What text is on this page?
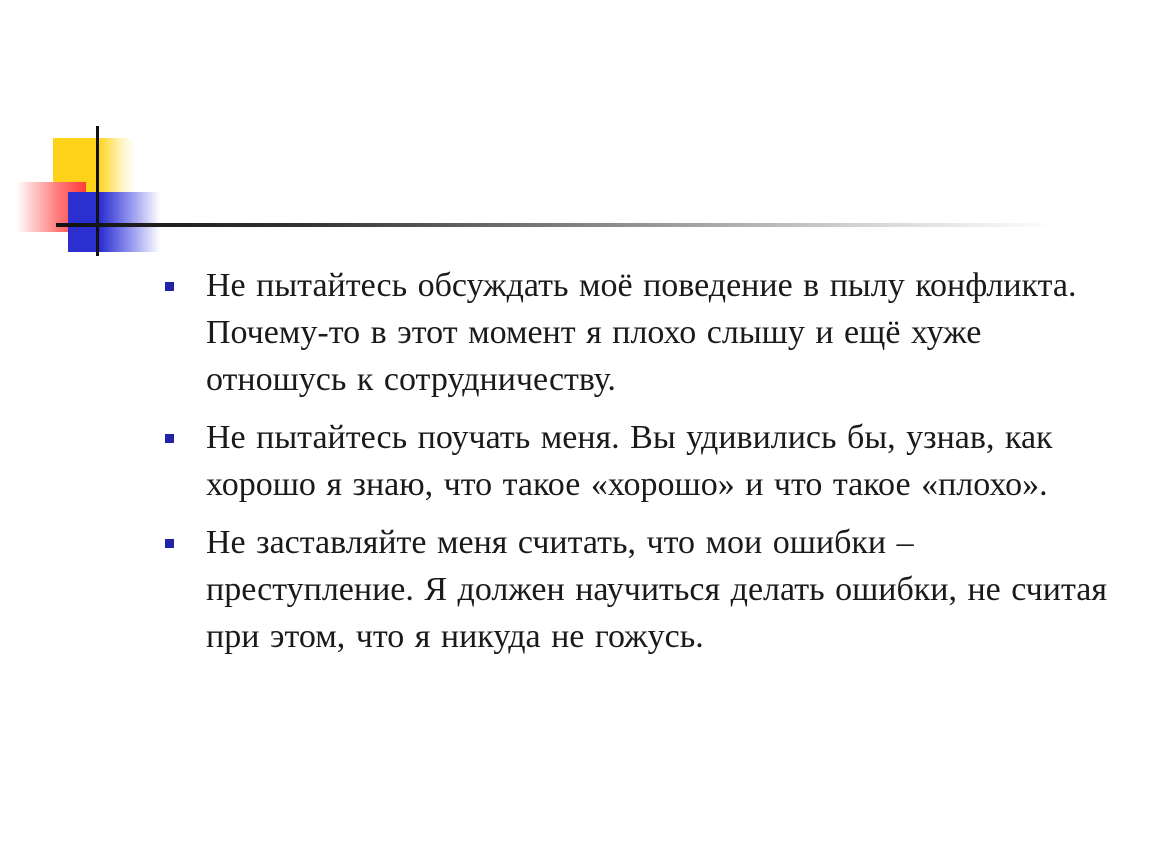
Не пытайтесь обсуждать моё поведение в пылу конфликта. Почему-то в этот момент я плохо слышу и ещё хуже отношусь к сотрудничеству.
Не пытайтесь поучать меня. Вы удивились бы, узнав, как хорошо я знаю, что такое «хорошо» и что такое «плохо».
Не заставляйте меня считать, что мои ошибки – преступление. Я должен научиться делать ошибки, не считая при этом, что я никуда не гожусь.
